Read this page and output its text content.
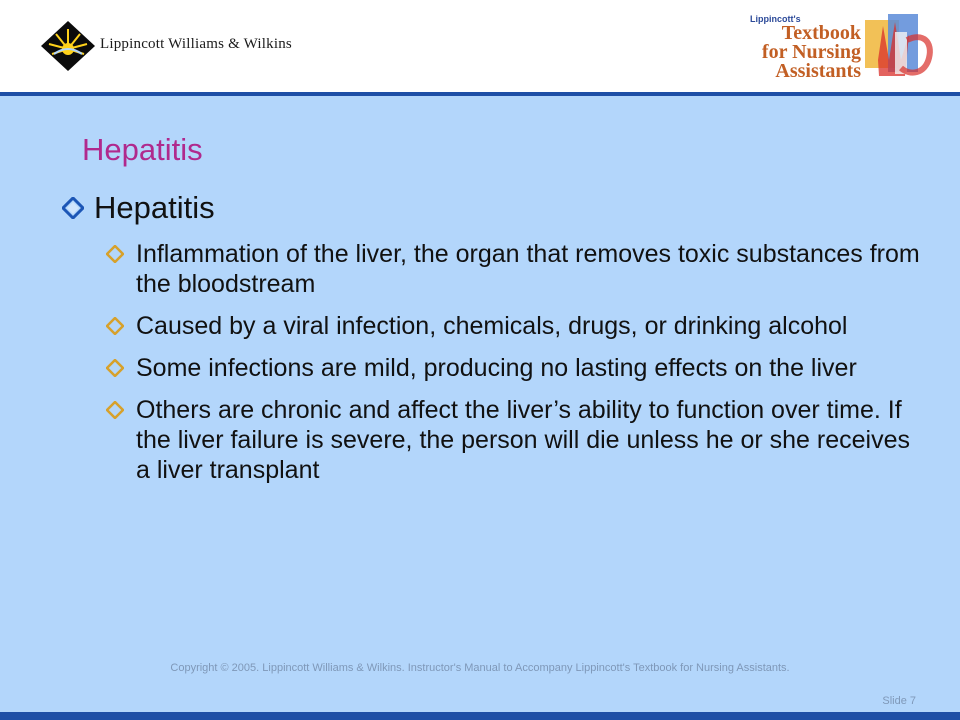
Lippincott Williams & Wilkins
Lippincott's
Textbook
for Nursing
Assistants
Hepatitis
Hepatitis
Inflammation of the liver, the organ that removes toxic substances from the bloodstream
Caused by a viral infection, chemicals, drugs, or drinking alcohol
Some infections are mild, producing no lasting effects on the liver
Others are chronic and affect the liver’s ability to function over time. If the liver failure is severe, the person will die unless he or she receives a liver transplant
Copyright © 2005. Lippincott Williams & Wilkins. Instructor's Manual to Accompany Lippincott's Textbook for Nursing Assistants.
Slide 7
